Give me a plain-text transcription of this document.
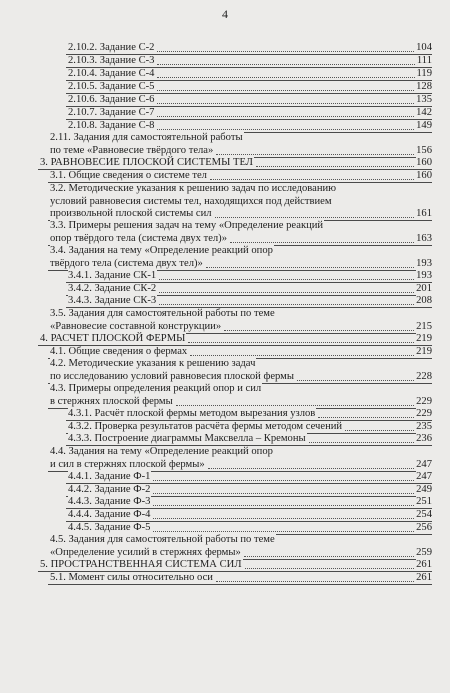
4
2.10.2. Задание С-2	104
2.10.3. Задание С-3	111
2.10.4. Задание С-4	119
2.10.5. Задание С-5	128
2.10.6. Задание С-6	135
2.10.7. Задание С-7	142
2.10.8. Задание С-8	149
2.11. Задания для самостоятельной работы
по теме «Равновесие твёрдого тела»	156
3. РАВНОВЕСИЕ ПЛОСКОЙ СИСТЕМЫ ТЕЛ	160
3.1. Общие сведения о системе тел	160
3.2. Методические указания к решению задач по исследованию
условий равновесия системы тел, находящихся под действием
произвольной плоской системы сил	161
3.3. Примеры решения задач на тему «Определение реакций
опор твёрдого тела (система двух тел)»	163
3.4. Задания на тему «Определение реакций опор
твёрдого тела (система двух тел)»	193
3.4.1. Задание СК-1	193
3.4.2. Задание СК-2	201
3.4.3. Задание СК-3	208
3.5. Задания для самостоятельной работы по теме
«Равновесие составной конструкции»	215
4. РАСЧЕТ ПЛОСКОЙ ФЕРМЫ	219
4.1. Общие сведения о фермах	219
4.2. Методические указания к решению задач
по исследованию условий равновесия плоской фермы	228
4.3. Примеры определения реакций опор и сил
в стержнях плоской фермы	229
4.3.1. Расчёт плоской фермы методом вырезания узлов	229
4.3.2. Проверка результатов расчёта фермы методом сечений	235
4.3.3. Построение диаграммы Максвелла – Кремоны	236
4.4. Задания на тему «Определение реакций опор
и сил в стержнях плоской фермы»	247
4.4.1. Задание Ф-1	247
4.4.2. Задание Ф-2	249
4.4.3. Задание Ф-3	251
4.4.4. Задание Ф-4	254
4.4.5. Задание Ф-5	256
4.5. Задания для самостоятельной работы по теме
«Определение усилий в стержнях фермы»	259
5. ПРОСТРАНСТВЕННАЯ СИСТЕМА СИЛ	261
5.1. Момент силы относительно оси	261
